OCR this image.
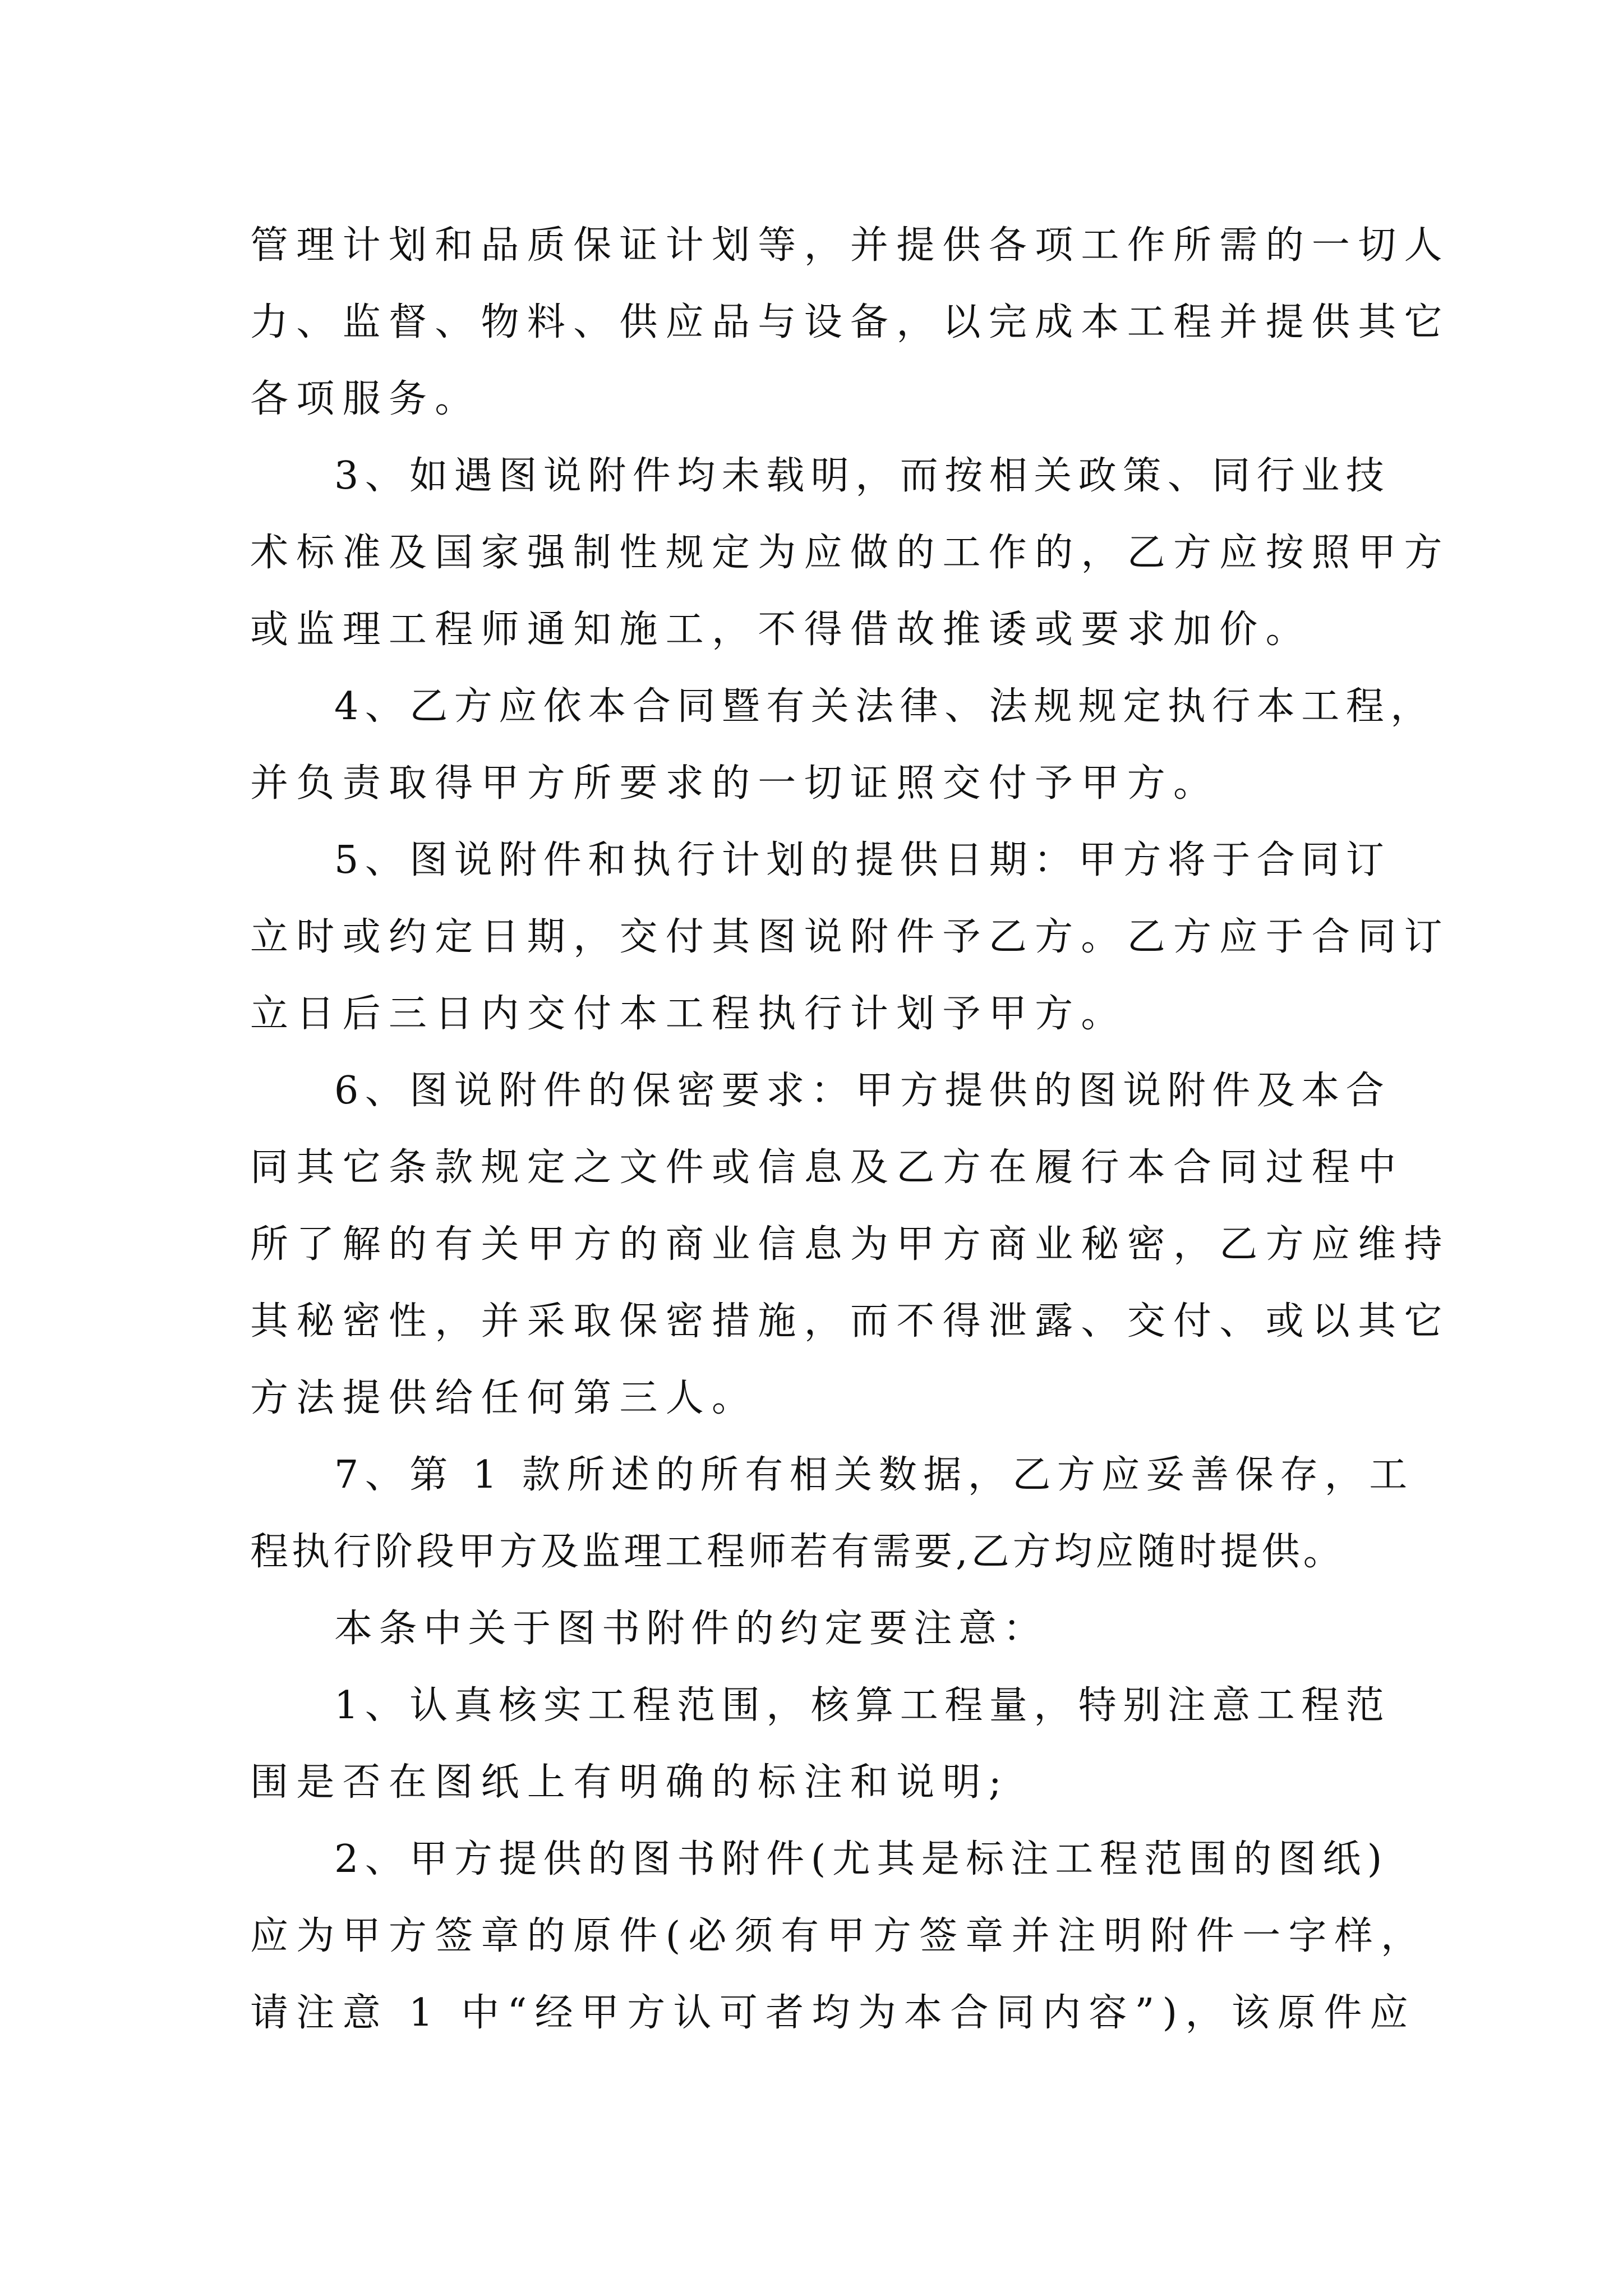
管理计划和品质保证计划等，并提供各项工作所需的一切人
力、监督、物料、供应品与设备，以完成本工程并提供其它
各项服务。
3、如遇图说附件均未载明，而按相关政策、同行业技
术标准及国家强制性规定为应做的工作的，乙方应按照甲方
或监理工程师通知施工，不得借故推诿或要求加价。
4、乙方应依本合同暨有关法律、法规规定执行本工程，
并负责取得甲方所要求的一切证照交付予甲方。
5、图说附件和执行计划的提供日期：甲方将于合同订
立时或约定日期，交付其图说附件予乙方。乙方应于合同订
立日后三日内交付本工程执行计划予甲方。
6、图说附件的保密要求：甲方提供的图说附件及本合
同其它条款规定之文件或信息及乙方在履行本合同过程中
所了解的有关甲方的商业信息为甲方商业秘密，乙方应维持
其秘密性，并采取保密措施，而不得泄露、交付、或以其它
方法提供给任何第三人。
7、第 1 款所述的所有相关数据，乙方应妥善保存，工
程执行阶段甲方及监理工程师若有需要,乙方均应随时提供。
本条中关于图书附件的约定要注意：
1、认真核实工程范围，核算工程量，特别注意工程范
围是否在图纸上有明确的标注和说明;
2、甲方提供的图书附件(尤其是标注工程范围的图纸)
应为甲方签章的原件(必须有甲方签章并注明附件一字样，
请注意 1 中“经甲方认可者均为本合同内容”)，该原件应
